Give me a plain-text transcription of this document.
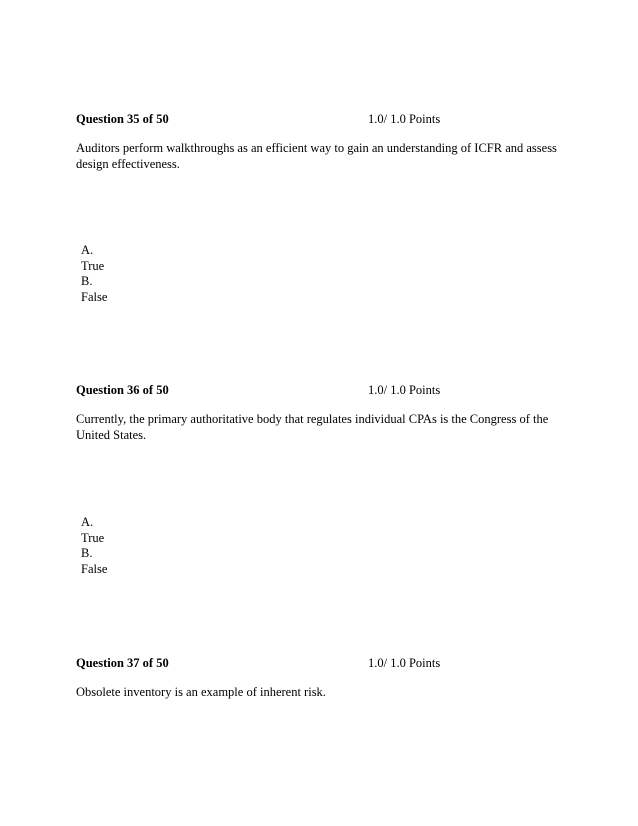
Question 35 of 50	1.0/ 1.0 Points
Auditors perform walkthroughs as an efficient way to gain an understanding of ICFR and assess design effectiveness.
A.
True
B.
False
Question 36 of 50	1.0/ 1.0 Points
Currently, the primary authoritative body that regulates individual CPAs is the Congress of the United States.
A.
True
B.
False
Question 37 of 50	1.0/ 1.0 Points
Obsolete inventory is an example of inherent risk.
